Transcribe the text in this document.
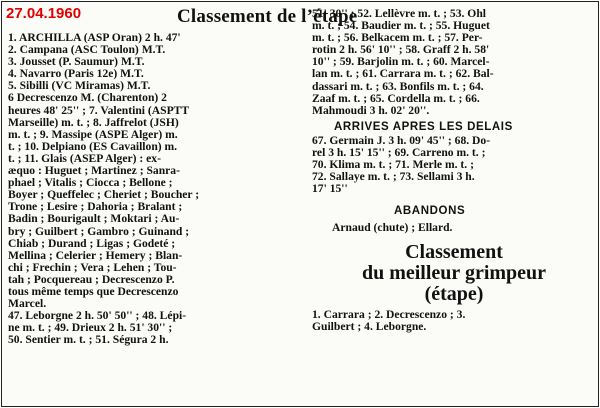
27.04.1960	Classement de l’étape
1. ARCHILLA (ASP Oran) 2 h. 47'
2. Campana (ASC Toulon) M.T.
3. Jousset (P. Saumur) M.T.
4. Navarro (Paris 12e) M.T.
5. Sibilli (VC Miramas) M.T.
6 Decrescenzo M. (Charenton) 2
heures 48' 25'' ; 7. Valentini (ASPTT
Marseille) m. t. ; 8. Jaffrelot (JSH)
m. t. ; 9. Massipe (ASPE Alger) m.
t. ; 10. Delpiano (ES Cavaillon) m.
t. ; 11. Glais (ASEP Alger) : ex-
æquo : Huguet ; Martinez ; Sanra-
phael ; Vitalis ; Ciocca ; Bellone ;
Boyer ; Queffelec ; Cheriet ; Boucher ;
Trone ; Lesire ; Dahoria ; Bralant ;
Badin ; Bourigault ; Moktari ; Au-
bry ; Guilbert ; Gambro ; Guinand ;
Chiab ; Durand ; Ligas ; Godeté ;
Mellina ; Celerier ; Hemery ; Blan-
chi ; Frechin ; Vera ; Lehen ; Tou-
tah ; Pocquereau ; Decrescenzo P.
tous même temps que Decrescenzo
Marcel.
47. Leborgne 2 h. 50' 50'' ; 48. Lépi-
ne m. t. ; 49. Drieux 2 h. 51' 30'' ;
50. Sentier m. t. ; 51. Ségura 2 h.
51' 30'' ; 52. Lellèvre m. t. ; 53. Ohl
m. t. ; 54. Baudier m. t. ; 55. Huguet
m. t. ; 56. Belkacem m. t. ; 57. Per-
rotin 2 h. 56' 10'' ; 58. Graff 2 h. 58'
10'' ; 59. Barjolin m. t. ; 60. Marcel-
lan m. t. ; 61. Carrara m. t. ; 62. Bal-
dassari m. t. ; 63. Bonfils m. t. ; 64.
Zaaf m. t. ; 65. Cordella m. t. ; 66.
Mahmoudi 3 h. 02' 20''.
ARRIVES APRES LES DELAIS
67. Germain J. 3 h. 09' 45'' ; 68. Do-
rel 3 h. 15' 15'' ; 69. Carreno m. t. ;
70. Klima m. t. ; 71. Merle m. t. ;
72. Sallaye m. t. ; 73. Sellami 3 h.
17' 15''
ABANDONS
Arnaud (chute) ; Ellard.
Classement
du meilleur grimpeur
(étape)
1. Carrara ; 2. Decrescenzo ; 3.
Guilbert ; 4. Leborgne.
